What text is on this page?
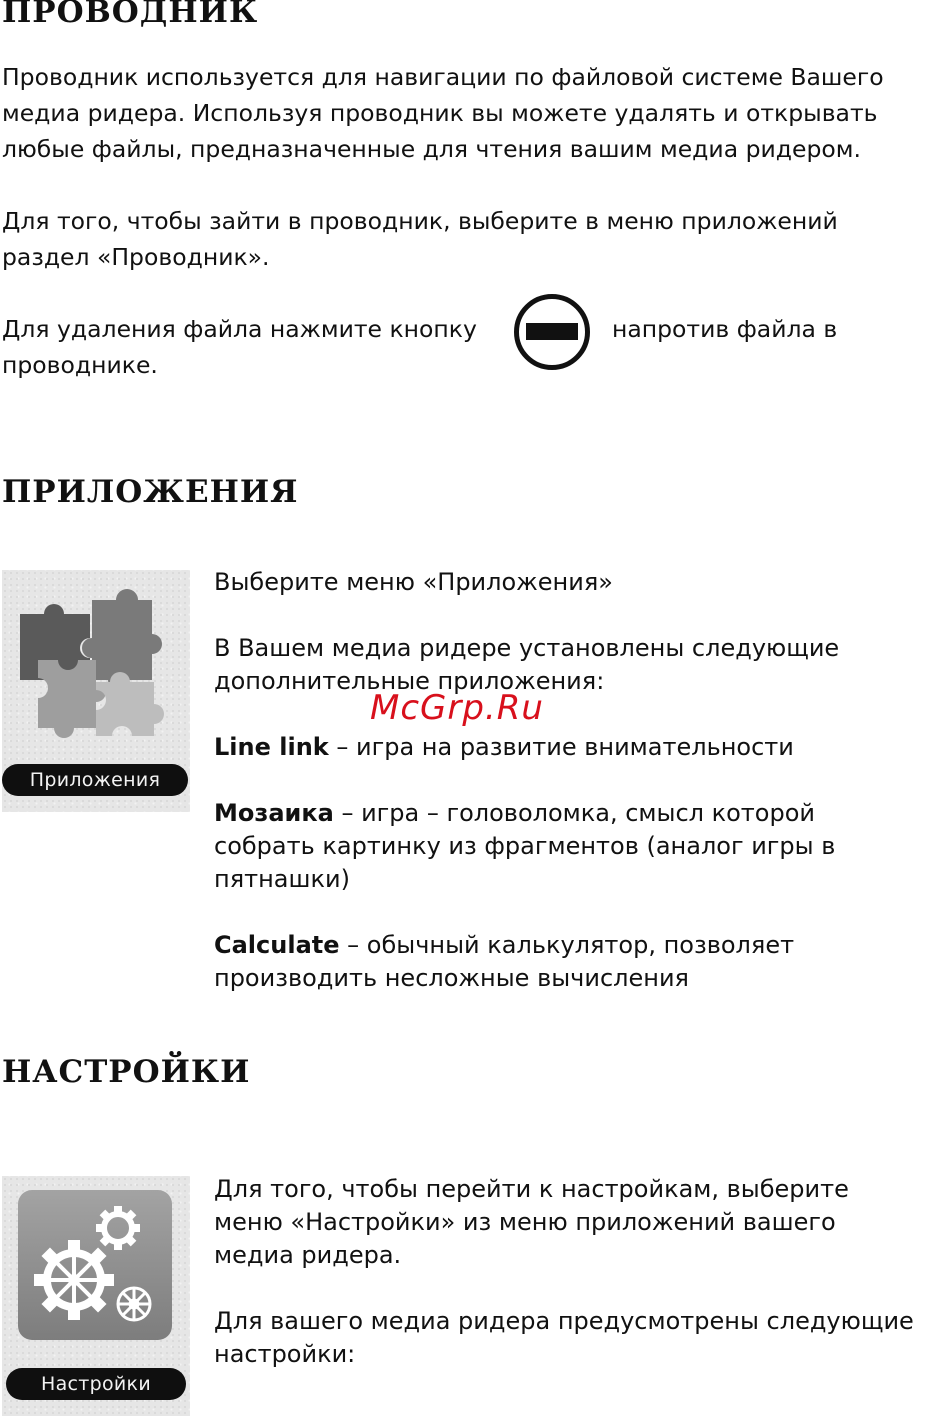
ПРОВОДНИК

Проводник используется для навигации по файловой системе Вашего

медиа ридера. Используя проводник вы можете удалять и открывать

любые файлы, предназначенные для чтения вашим медиа ридером.

Для того, чтобы зайти в проводник, выберите в меню приложений

раздел «Проводник».

Для удаления файла нажмите кнопку	напротив файла в

проводнике.

ПРИЛОЖЕНИЯ
Приложения

Выберите меню «Приложения»

В Вашем медиа ридере установлены следующие

дополнительные приложения:

Line link – игра на развитие внимательности

Мозаика – игра – головоломка, смысл которой

собрать картинку из фрагментов (аналог игры в

пятнашки)

Calculate – обычный калькулятор, позволяет

производить несложные вычисления

НАСТРОЙКИ
Настройки

Для того, чтобы перейти к настройкам, выберите

меню «Настройки» из меню приложений вашего

медиа ридера.

Для вашего медиа ридера предусмотрены следующие

настройки:

McGrp.Ru
